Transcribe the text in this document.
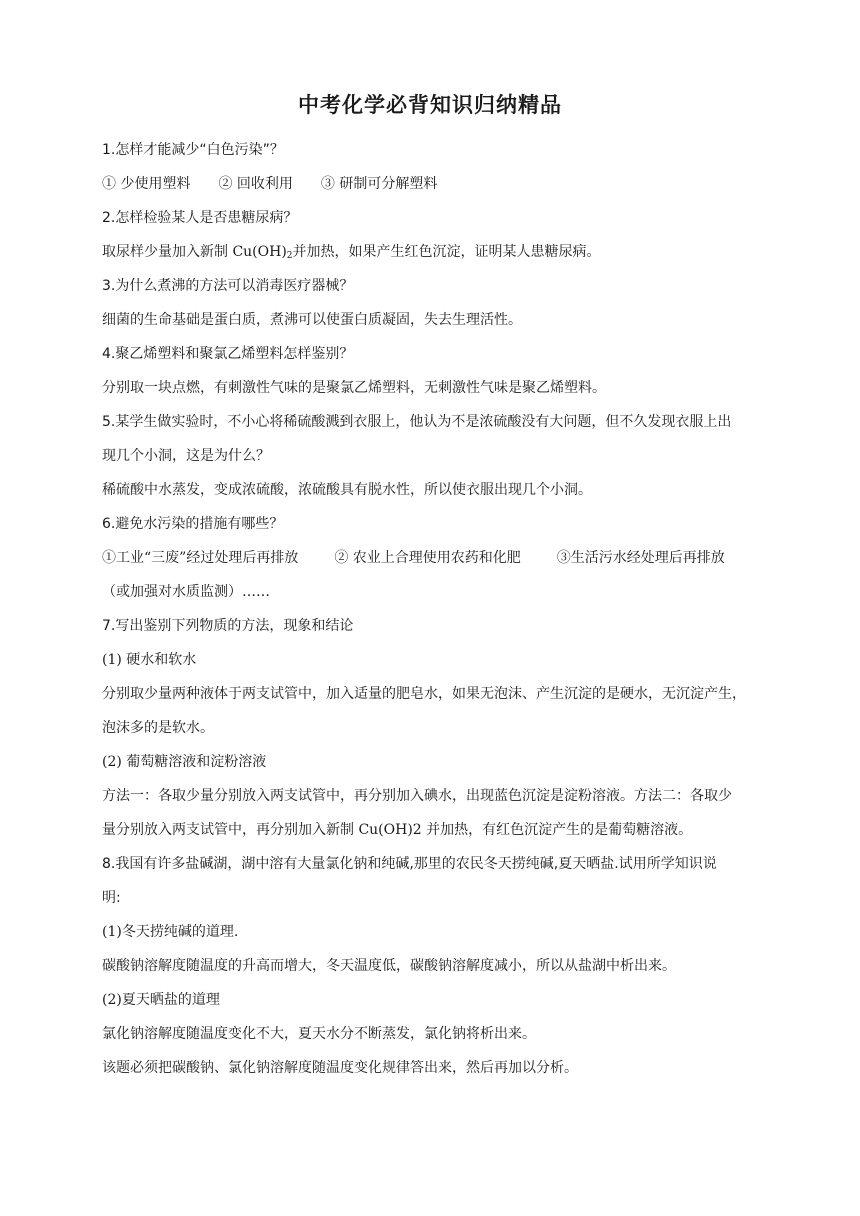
中考化学必背知识归纳精品
1.怎样才能减少“白色污染”？
① 少使用塑料 ② 回收利用 ③ 研制可分解塑料
2.怎样检验某人是否患糖尿病？
取尿样少量加入新制 $Cu(OH)_2$并加热，如果产生红色沉淀，证明某人患糖尿病。
3.为什么煮沸的方法可以消毒医疗器械？
细菌的生命基础是蛋白质，煮沸可以使蛋白质凝固，失去生理活性。
4.聚乙烯塑料和聚氯乙烯塑料怎样鉴别？
分别取一块点燃，有刺激性气味的是聚氯乙烯塑料，无刺激性气味是聚乙烯塑料。
5.某学生做实验时，不小心将稀硫酸溅到衣服上，他认为不是浓硫酸没有大问题，但不久发现衣服上出
现几个小洞，这是为什么？
稀硫酸中水蒸发，变成浓硫酸，浓硫酸具有脱水性，所以使衣服出现几个小洞。
6.避免水污染的措施有哪些？
①工业“三废”经过处理后再排放	② 农业上合理使用农药和化肥	③生活污水经处理后再排放
（或加强对水质监测）……
7.写出鉴别下列物质的方法，现象和结论
(1) 硬水和软水
分别取少量两种液体于两支试管中，加入适量的肥皂水，如果无泡沫、产生沉淀的是硬水，无沉淀产生，
泡沫多的是软水。
(2) 葡萄糖溶液和淀粉溶液
方法一：各取少量分别放入两支试管中，再分别加入碘水，出现蓝色沉淀是淀粉溶液。方法二：各取少
量分别放入两支试管中，再分别加入新制 Cu(OH)2 并加热，有红色沉淀产生的是葡萄糖溶液。
8.我国有许多盐碱湖，湖中溶有大量氯化钠和纯碱,那里的农民冬天捞纯碱,夏天晒盐.试用所学知识说
明:
(1)冬天捞纯碱的道理.
碳酸钠溶解度随温度的升高而增大，冬天温度低，碳酸钠溶解度减小，所以从盐湖中析出来。
(2)夏天晒盐的道理
氯化钠溶解度随温度变化不大，夏天水分不断蒸发，氯化钠将析出来。
该题必须把碳酸钠、氯化钠溶解度随温度变化规律答出来，然后再加以分析。
